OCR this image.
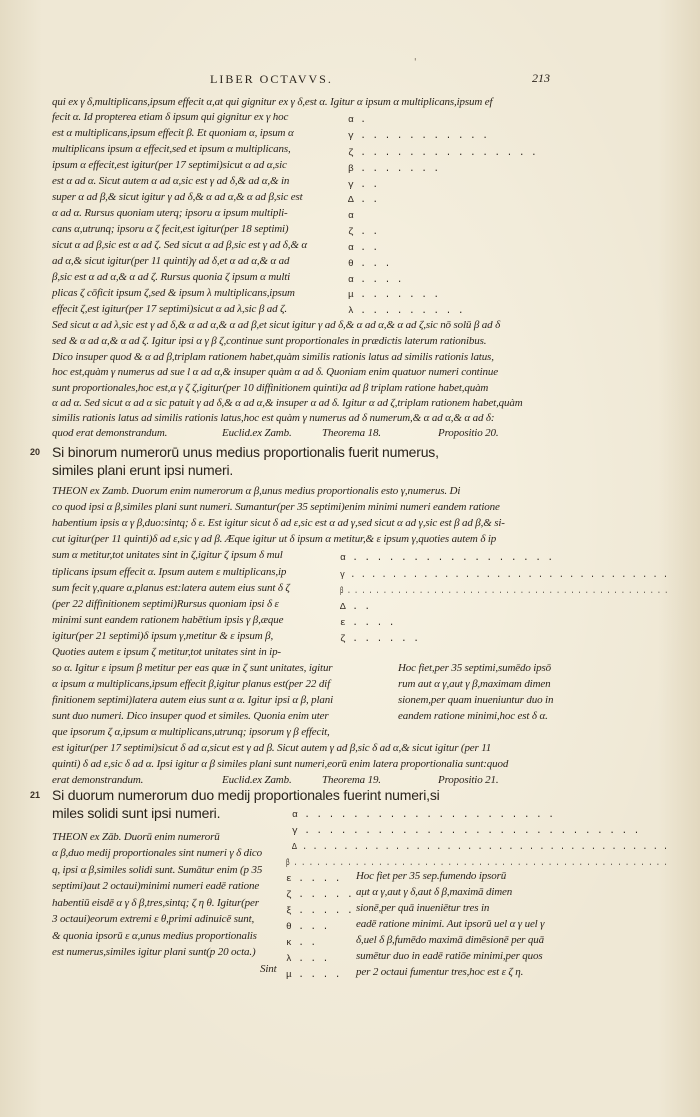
'
LIBER OCTAVVS.	213
qui ex γ δ,multiplicans,ipsum effecit α,at qui gignitur ex γ δ,est α. Igitur α ipsum α multiplicans,ipsum ef
fecit α. Id propterea etiam δ ipsum qui gignitur ex γ hoc
est α multiplicans,ipsum effecit β. Et quoniam α, ipsum α
multiplicans ipsum α effecit,sed et ipsum α multiplicans,
ipsum α effecit,est igitur(per 17 septimi)sicut α ad α,sic
est α ad α. Sicut autem α ad α,sic est γ ad δ,& ad α,& in
super α ad β,& sicut igitur γ ad δ,& α ad α,& α ad β,sic est
α ad α. Rursus quoniam uterq; ipsoru α ipsum multipli-
cans α,utrunq; ipsoru α ζ fecit,est igitur(per 18 septimi)
sicut α ad β,sic est α ad ζ. Sed sicut α ad β,sic est γ ad δ,& α
ad α,& sicut igitur(per 11 quinti)γ ad δ,et α ad α,& α ad
β,sic est α ad α,& α ad ζ. Rursus quonia ζ ipsum α multi
plicas ζ cōficit ipsum ζ,sed & ipsum λ multiplicans,ipsum
effecit ζ,est igitur(per 17 septimi)sicut α ad λ,sic β ad ζ.
α .
γ . . . . . . . . . . .
ζ . . . . . . . . . . . . . . .
β . . . . . . .
γ . .
Δ . .
α
ζ . .
α . .
θ . . .
α . . . .
μ . . . . . . .
λ . . . . . . . . .
Sed sicut α ad λ,sic est γ ad δ,& α ad α,& α ad β,et sicut igitur γ ad δ,& α ad α,& α ad ζ,sic nō solū β ad δ
sed & α ad α,& α ad ζ. Igitur ipsi α γ β ζ,continue sunt proportionales in prædictis laterum rationibus.
Dico insuper quod & α ad β,triplam rationem habet,quàm similis rationis latus ad similis rationis latus,
hoc est,quàm γ numerus ad sue l α ad α,& insuper quàm α ad δ. Quoniam enim quatuor numeri continue
sunt proportionales,hoc est,α γ ζ ζ,igitur(per 10 diffinitionem quinti)α ad β triplam ratione habet,quàm
α ad α. Sed sicut α ad α sic patuit γ ad δ,& α ad α,& insuper α ad δ. Igitur α ad ζ,triplam rationem habet,quàm
similis rationis latus ad similis rationis latus,hoc est quàm γ numerus ad δ numerum,& α ad α,& α ad δ:
quod erat demonstrandum.	Euclid.ex Zamb.	Theorema 18.	Propositio 20.
20 Si binorum numerorū unus medius proportionalis fuerit numerus,
similes plani erunt ipsi numeri.
THEON ex Zamb. Duorum enim numerorum α β,unus medius proportionalis esto γ,numerus. Di
co quod ipsi α β,similes plani sunt numeri. Sumantur(per 35 septimi)enim minimi numeri eandem ratione
habentium ipsis α γ β,duo:sintq; δ ε. Est igitur sicut δ ad ε,sic est α ad γ,sed sicut α ad γ,sic est β ad β,& si-
cut igitur(per 11 quinti)δ ad ε,sic γ ad β. Æque igitur ut δ ipsum α metitur,& ε ipsum γ,quoties autem δ ip
sum α metitur,tot unitates sint in ζ,igitur ζ ipsum δ mul
tiplicans ipsum effecit α. Ipsum autem ε multiplicans,ip
sum fecit γ,quare α,planus est:latera autem eius sunt δ ζ
(per 22 diffinitionem septimi)Rursus quoniam ipsi δ ε
minimi sunt eandem rationem habētium ipsis γ β,æque
igitur(per 21 septimi)δ ipsum γ,metitur & ε ipsum β,
Quoties autem ε ipsum ζ metitur,tot unitates sint in ip-
α . . . . . . . . . . . . . . . . .
γ . . . . . . . . . . . . . . . . . . . . . . . . . . . . . . .
β . . . . . . . . . . . . . . . . . . . . . . . . . . . . . . . . . . . . . . . . . . . . .
Δ . .
ε . . . .
ζ . . . . . .
so α. Igitur ε ipsum β metitur per eas quæ in ζ sunt unitates, igitur
α ipsum α multiplicans,ipsum effecit β,igitur planus est(per 22 dif
finitionem septimi)latera autem eius sunt α α. Igitur ipsi α β, plani
sunt duo numeri. Dico insuper quod et similes. Quonia enim uter
que ipsorum ζ α,ipsum α multiplicans,utrunq; ipsorum γ β effecit,
Hoc fiet,per 35 septimi,sumēdo ipsō
rum aut α γ,aut γ β,maximam dimen
sionem,per quam inueniuntur duo in
eandem ratione minimi,hoc est δ α.
est igitur(per 17 septimi)sicut δ ad α,sicut est γ ad β. Sicut autem γ ad β,sic δ ad α,& sicut igitur (per 11
quinti) δ ad ε,sic δ ad α. Ipsi igitur α β similes plani sunt numeri,eorū enim latera proportionalia sunt:quod
erat demonstrandum.	Euclid.ex Zamb.	Theorema 19.	Propositio 21.
21 Si duorum numerorum duo medij proportionales fuerint numeri,si
miles solidi sunt ipsi numeri.
THEON ex Zāb. Duorū enim numerorū
α β,duo medij proportionales sint numeri γ δ dico
q, ipsi α β,similes solidi sunt. Sumātur enim (p 35
septimi)aut 2 octaui)minimi numeri eadē ratione
habentiū eisdē α γ δ β,tres,sintq; ζ η θ. Igitur(per
3 octaui)eorum extremi ε θ,primi adinuicē sunt,
& quonia ipsorū ε α,unus medius proportionalis
est numerus,similes igitur plani sunt(p 20 octa.)
Sint
α . . . . . . . . . . . . . . . . . . . . .
γ . . . . . . . . . . . . . . . . . . . . . . . . . . . .
Δ . . . . . . . . . . . . . . . . . . . . . . . . . . . . . . . . . . . .
β . . . . . . . . . . . . . . . . . . . . . . . . . . . . . . . . . . . . . . . . . . . . . . . . .
ε . . . .
ζ . . . . . .
ξ . . . . .
θ . . .
κ . .
λ . . .
μ . . . .
Hoc fiet per 35 sep.fumendo ipsorū
aut α γ,aut γ δ,aut δ β,maximā dimen
sionē,per quā inueniētur tres in
eadē ratione minimi. Aut ipsorū uel α γ uel γ
δ,uel δ β,fumēdo maximā dimēsionē per quā
sumētur duo in eadē ratiōe minimi,per quos
per 2 octaui fumentur tres,hoc est ε ζ η.
